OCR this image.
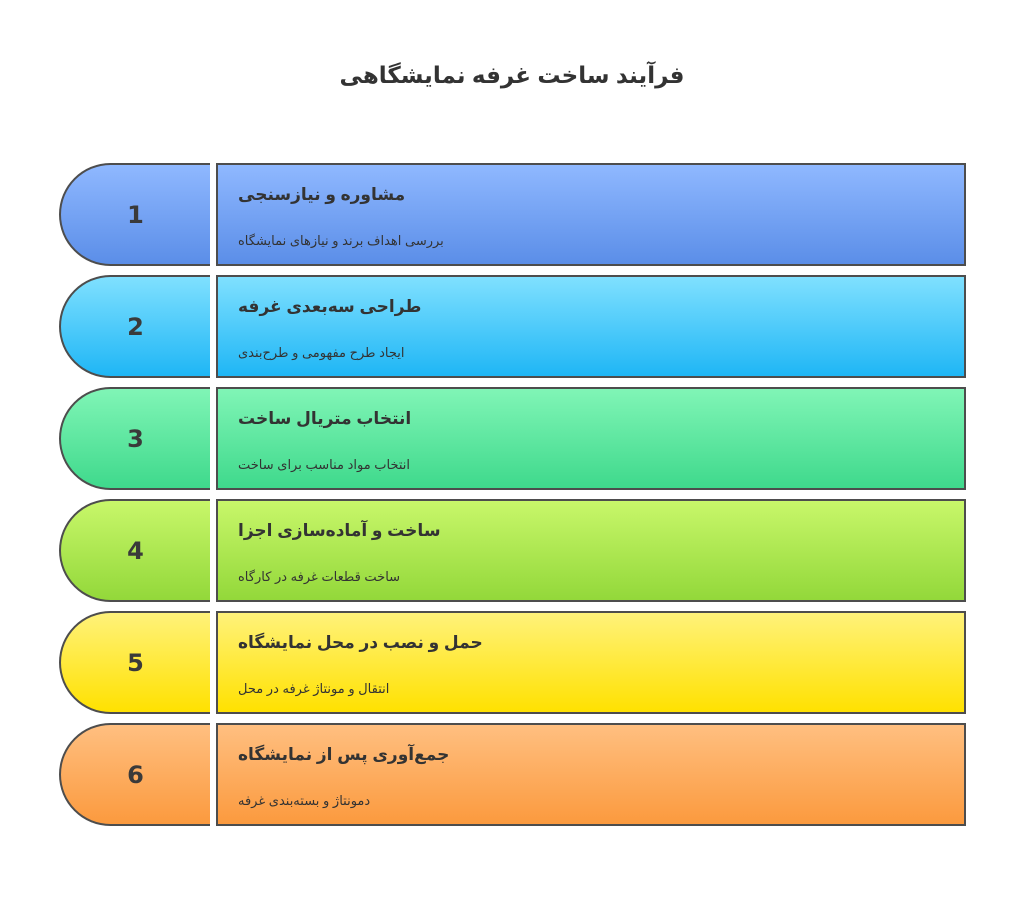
فرآیند ساخت غرفه نمایشگاهی
1
مشاوره و نیازسنجی
بررسی اهداف برند و نیازهای نمایشگاه
2
طراحی سه‌بعدی غرفه
ایجاد طرح مفهومی و طرح‌بندی
3
انتخاب متریال ساخت
انتخاب مواد مناسب برای ساخت
4
ساخت و آماده‌سازی اجزا
ساخت قطعات غرفه در کارگاه
5
حمل و نصب در محل نمایشگاه
انتقال و مونتاژ غرفه در محل
6
جمع‌آوری پس از نمایشگاه
دمونتاژ و بسته‌بندی غرفه
